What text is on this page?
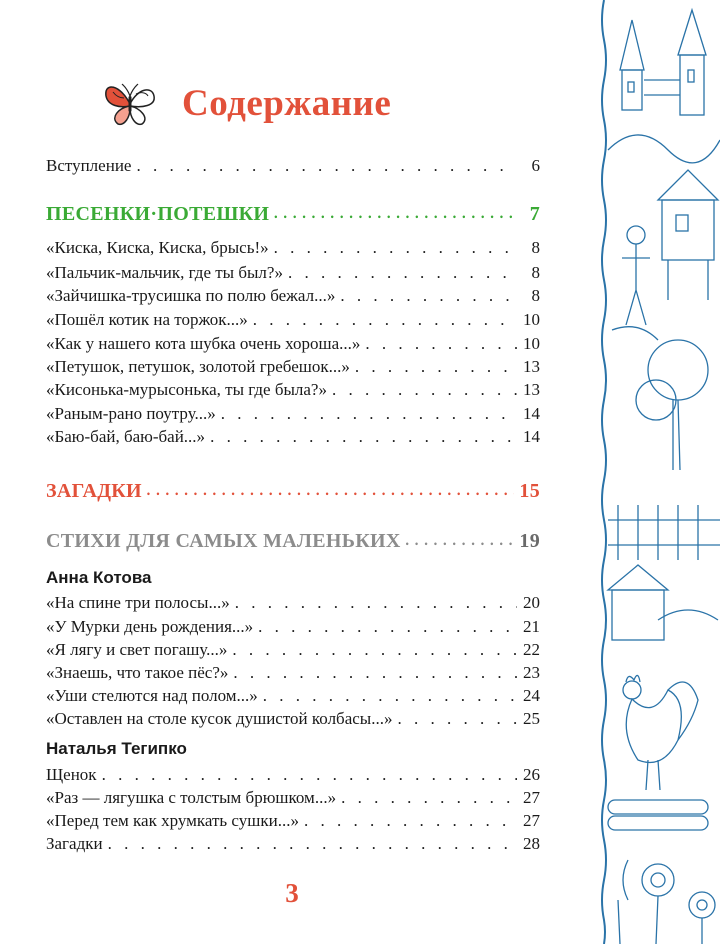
Содержание
Вступление . . .	6
ПЕСЕНКИ·ПОТЕШКИ • • •	7
«Киска, Киска, Киска, брысь!» . . .	8
«Пальчик-мальчик, где ты был?» . . .	8
«Зайчишка-трусишка по полю бежал...» . . .	8
«Пошёл котик на торжок...» . . .	10
«Как у нашего кота шубка очень хороша...» . . .	10
«Петушок, петушок, золотой гребешок...» . . .	13
«Кисонька-мурысонька, ты где была?» . . .	13
«Раным-рано поутру...» . . .	14
«Баю-бай, баю-бай...» . . .	14
ЗАГАДКИ • • •	15
СТИХИ ДЛЯ САМЫХ МАЛЕНЬКИХ • • •	19
Анна Котова
«На спине три полосы...» . . .	20
«У Мурки день рождения...» . . .	21
«Я лягу и свет погашу...» . . .	22
«Знаешь, что такое пёс?» . . .	23
«Уши стелются над полом...» . . .	24
«Оставлен на столе кусок душистой колбасы...» . . .	25
Наталья Тегипко
Щенок . . .	26
«Раз — лягушка с толстым брюшком...» . . .	27
«Перед тем как хрумкать сушки...» . . .	27
Загадки . . .	28
3
